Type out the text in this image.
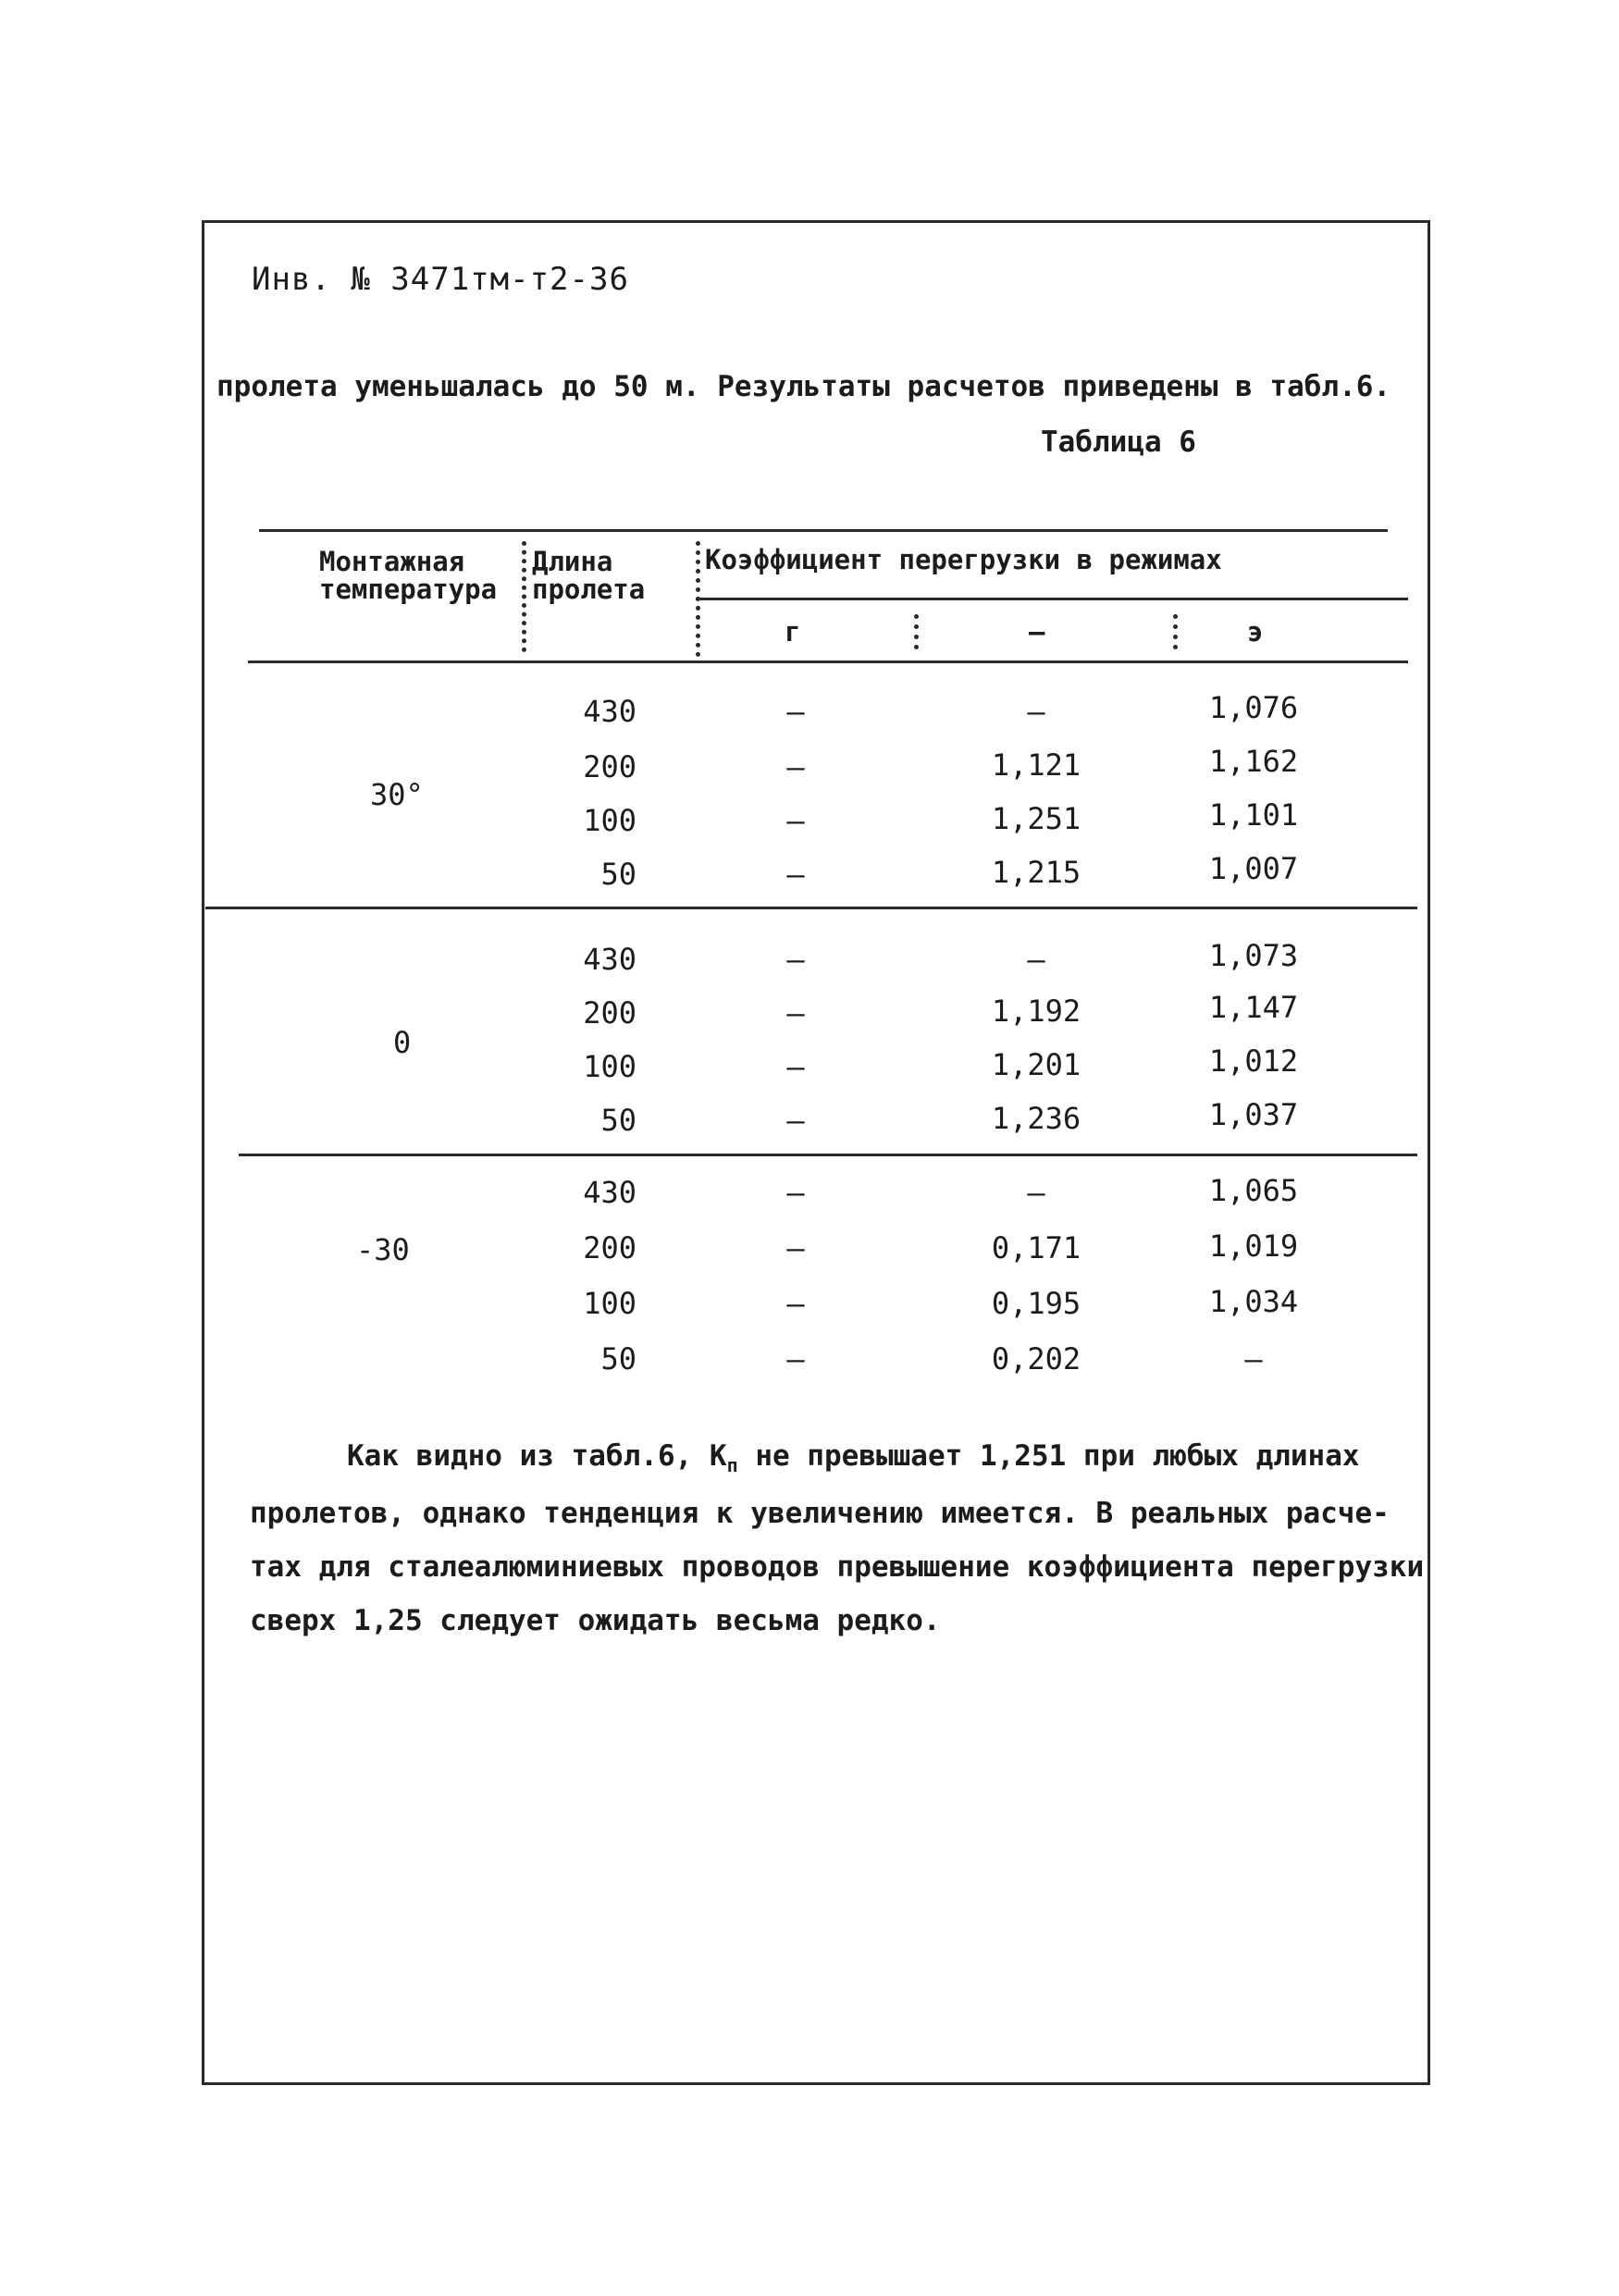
Инв. № 3471тм-т2-36
пролета уменьшалась до 50 м. Результаты расчетов приведены в табл.6.
Таблица 6
Монтажная
температура
Длина
пролета
Коэффициент перегрузки в режимах
г	–	э
30°
430	–	–	1,076
200	–	1,121	1,162
100	–	1,251	1,101
50	–	1,215	1,007
0
430	–	–	1,073
200	–	1,192	1,147
100	–	1,201	1,012
50	–	1,236	1,037
-30
430	–	–	1,065
200	–	0,171	1,019
100	–	0,195	1,034
50	–	0,202	–
Как видно из табл.6, $К_п$ не превышает 1,251 при любых длинах
пролетов, однако тенденция к увеличению имеется. В реальных расче-
тах для сталеалюминиевых проводов превышение коэффициента перегрузки
сверх 1,25 следует ожидать весьма редко.
